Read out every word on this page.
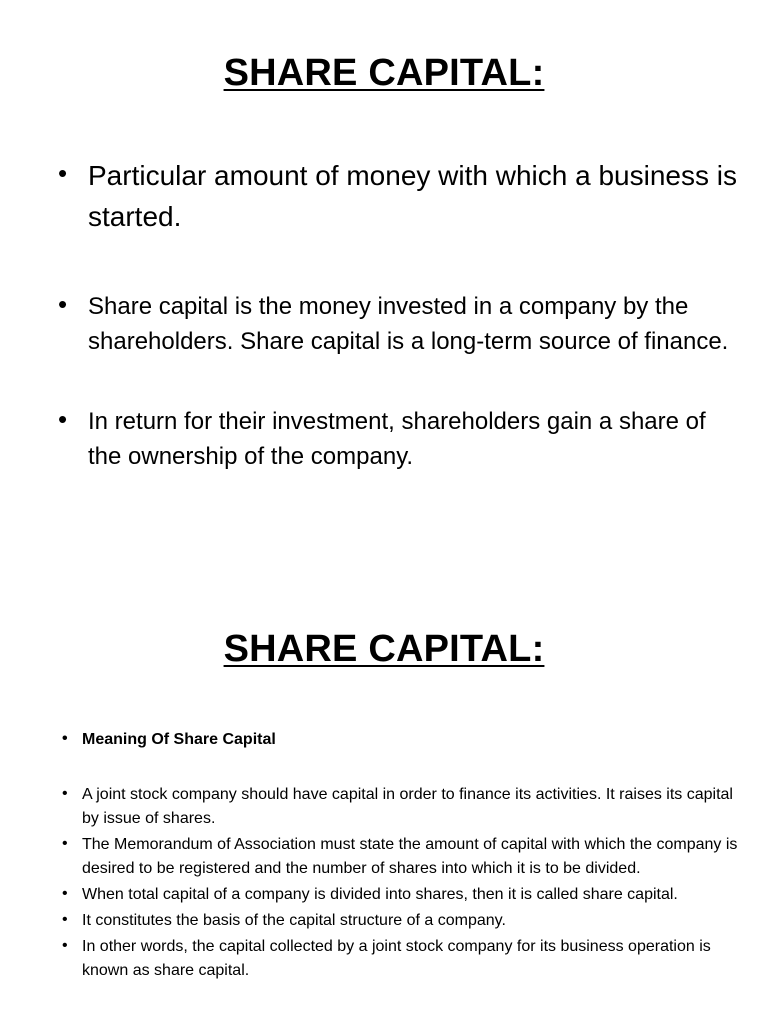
SHARE CAPITAL:
• Particular amount of money with which a business is started.
• Share capital is the money invested in a company by the shareholders. Share capital is a long-term source of finance.
• In return for their investment, shareholders gain a share of the ownership of the company.
SHARE CAPITAL:
• Meaning Of Share Capital
• A joint stock company should have capital in order to finance its activities. It raises its capital by issue of shares.
• The Memorandum of Association must state the amount of capital with which the company is desired to be registered and the number of shares into which it is to be divided.
• When total capital of a company is divided into shares, then it is called share capital.
• It constitutes the basis of the capital structure of a company.
• In other words, the capital collected by a joint stock company for its business operation is known as share capital.
